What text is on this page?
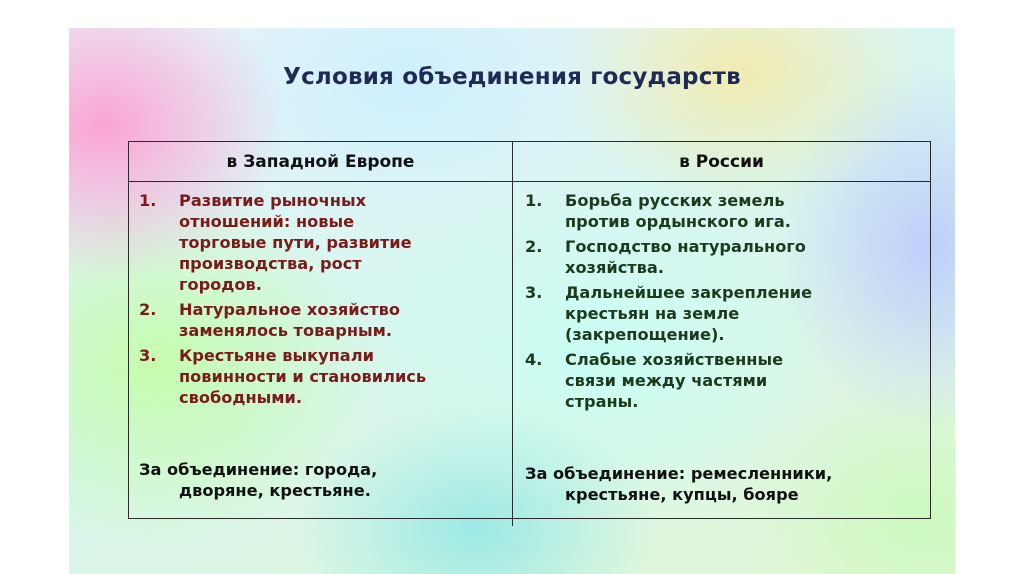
Условия объединения государств
в Западной Европе	в России
1.	Развитие рыночных
отношений: новые
торговые пути, развитие
производства, рост
городов.
2.	Натуральное хозяйство
заменялось товарным.
3.	Крестьяне выкупали
повинности и становились
свободными.

За объединение: города,

дворяне, крестьяне.

1.	Борьба русских земель
против ордынского ига.
2.	Господство натурального
хозяйства.
3.	Дальнейшее закрепление
крестьян на земле
(закрепощение).
4.	Слабые хозяйственные
связи между частями
страны.

За объединение: ремесленники,

крестьяне, купцы, бояре
